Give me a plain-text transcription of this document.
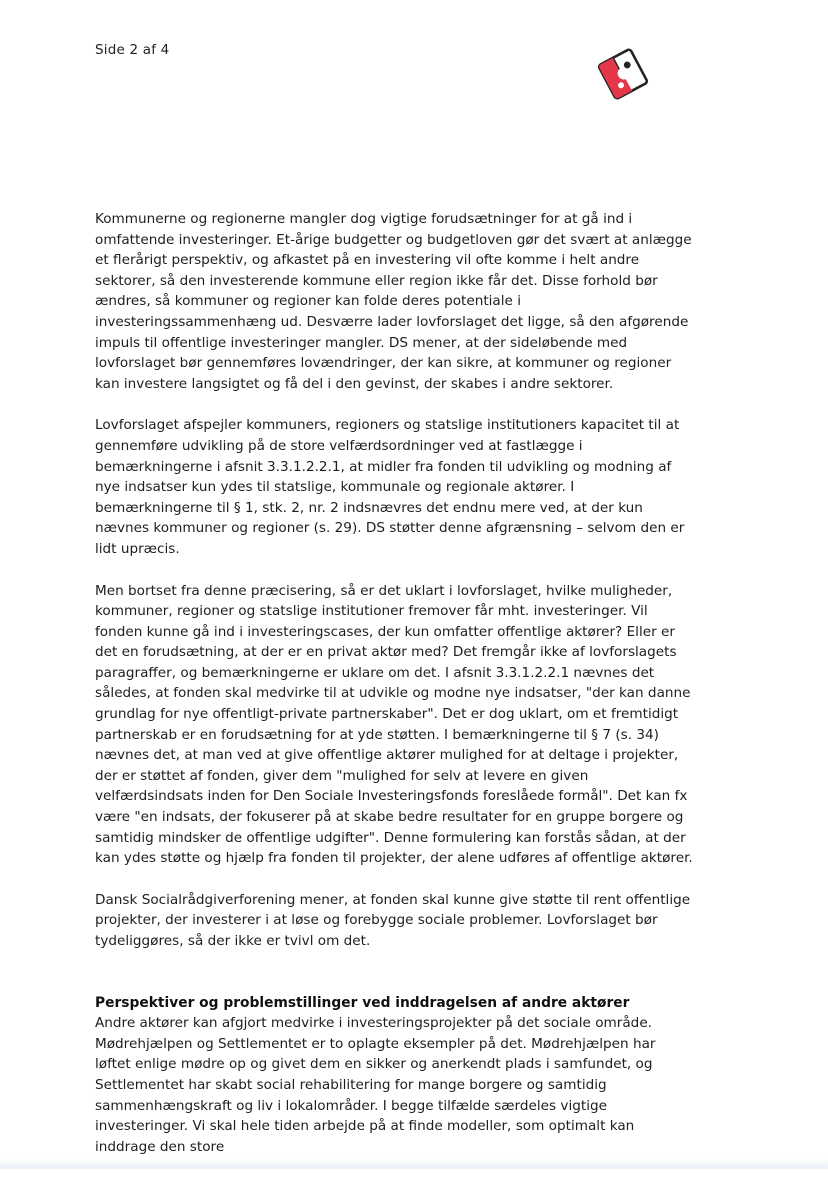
Side 2 af 4

Kommunerne og regionerne mangler dog vigtige forudsætninger for at gå ind i omfattende investeringer. Et-årige budgetter og budgetloven gør det svært at anlægge et flerårigt perspektiv, og afkastet på en investering vil ofte komme i helt andre sektorer, så den investerende kommune eller region ikke får det. Disse forhold bør ændres, så kommuner og regioner kan folde deres potentiale i investeringssammenhæng ud. Desværre lader lovforslaget det ligge, så den afgørende impuls til offentlige investeringer mangler. DS mener, at der sideløbende med lovforslaget bør gennemføres lovændringer, der kan sikre, at kommuner og regioner kan investere langsigtet og få del i den gevinst, der skabes i andre sektorer.

Lovforslaget afspejler kommuners, regioners og statslige institutioners kapacitet til at gennemføre udvikling på de store velfærdsordninger ved at fastlægge i bemærkningerne i afsnit 3.3.1.2.2.1, at midler fra fonden til udvikling og modning af nye indsatser kun ydes til statslige, kommunale og regionale aktører. I bemærkningerne til § 1, stk. 2, nr. 2 indsnævres det endnu mere ved, at der kun nævnes kommuner og regioner (s. 29). DS støtter denne afgrænsning – selvom den er lidt upræcis.

Men bortset fra denne præcisering, så er det uklart i lovforslaget, hvilke muligheder, kommuner, regioner og statslige institutioner fremover får mht. investeringer. Vil fonden kunne gå ind i investeringscases, der kun omfatter offentlige aktører? Eller er det en forudsætning, at der er en privat aktør med? Det fremgår ikke af lovforslagets paragraffer, og bemærkningerne er uklare om det. I afsnit 3.3.1.2.2.1 nævnes det således, at fonden skal medvirke til at udvikle og modne nye indsatser, "der kan danne grundlag for nye offentligt-private partnerskaber". Det er dog uklart, om et fremtidigt partnerskab er en forudsætning for at yde støtten. I bemærkningerne til § 7 (s. 34) nævnes det, at man ved at give offentlige aktører mulighed for at deltage i projekter, der er støttet af fonden, giver dem "mulighed for selv at levere en given velfærdsindsats inden for Den Sociale Investeringsfonds foreslåede formål". Det kan fx være "en indsats, der fokuserer på at skabe bedre resultater for en gruppe borgere og samtidig mindsker de offentlige udgifter". Denne formulering kan forstås sådan, at der kan ydes støtte og hjælp fra fonden til projekter, der alene udføres af offentlige aktører.

Dansk Socialrådgiverforening mener, at fonden skal kunne give støtte til rent offentlige projekter, der investerer i at løse og forebygge sociale problemer. Lovforslaget bør tydeliggøres, så der ikke er tvivl om det.

Perspektiver og problemstillinger ved inddragelsen af andre aktører

Andre aktører kan afgjort medvirke i investeringsprojekter på det sociale område. Mødrehjælpen og Settlementet er to oplagte eksempler på det. Mødrehjælpen har løftet enlige mødre op og givet dem en sikker og anerkendt plads i samfundet, og Settlementet har skabt social rehabilitering for mange borgere og samtidig sammenhængskraft og liv i lokalområder. I begge tilfælde særdeles vigtige investeringer. Vi skal hele tiden arbejde på at finde modeller, som optimalt kan inddrage den store
